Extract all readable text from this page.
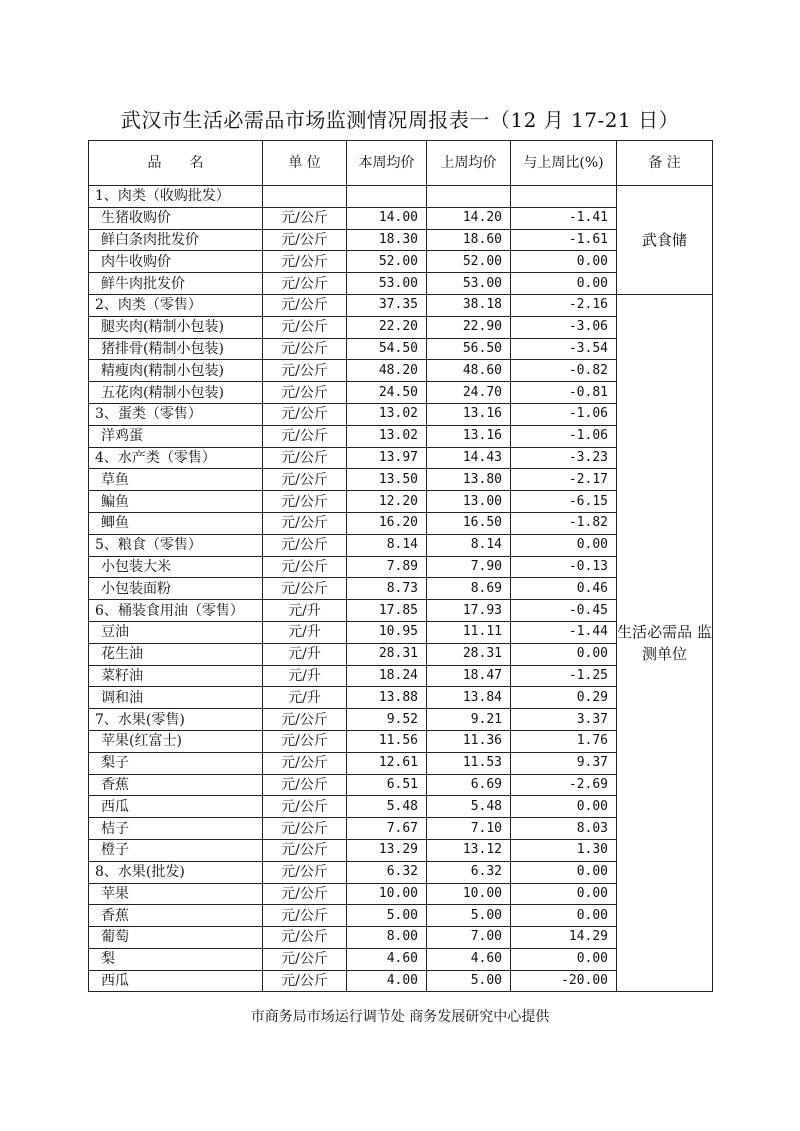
武汉市生活必需品市场监测情况周报表一（12 月 17-21 日）
品　　名	单 位	本周均价	上周均价	与上周比(%)	备 注
1、肉类（收购批发）					武食储
生猪收购价	元/公斤	14.00	14.20	-1.41	
鲜白条肉批发价	元/公斤	18.30	18.60	-1.61	
肉牛收购价	元/公斤	52.00	52.00	0.00	
鲜牛肉批发价	元/公斤	53.00	53.00	0.00	
2、肉类（零售）	元/公斤	37.35	38.18	-2.16	生活必需品 监测单位
腿夹肉(精制小包装)	元/公斤	22.20	22.90	-3.06	
猪排骨(精制小包装)	元/公斤	54.50	56.50	-3.54	
精瘦肉(精制小包装)	元/公斤	48.20	48.60	-0.82	
五花肉(精制小包装)	元/公斤	24.50	24.70	-0.81	
3、蛋类（零售）	元/公斤	13.02	13.16	-1.06	
洋鸡蛋	元/公斤	13.02	13.16	-1.06	
4、水产类（零售）	元/公斤	13.97	14.43	-3.23	
草鱼	元/公斤	13.50	13.80	-2.17	
鳊鱼	元/公斤	12.20	13.00	-6.15	
鲫鱼	元/公斤	16.20	16.50	-1.82	
5、粮食（零售）	元/公斤	8.14	8.14	0.00	
小包装大米	元/公斤	7.89	7.90	-0.13	
小包装面粉	元/公斤	8.73	8.69	0.46	
6、桶装食用油（零售）	元/升	17.85	17.93	-0.45	
豆油	元/升	10.95	11.11	-1.44	
花生油	元/升	28.31	28.31	0.00	
菜籽油	元/升	18.24	18.47	-1.25	
调和油	元/升	13.88	13.84	0.29	
7、水果(零售)	元/公斤	9.52	9.21	3.37	
苹果(红富士)	元/公斤	11.56	11.36	1.76	
梨子	元/公斤	12.61	11.53	9.37	
香蕉	元/公斤	6.51	6.69	-2.69	
西瓜	元/公斤	5.48	5.48	0.00	
桔子	元/公斤	7.67	7.10	8.03	
橙子	元/公斤	13.29	13.12	1.30	
8、水果(批发)	元/公斤	6.32	6.32	0.00	
苹果	元/公斤	10.00	10.00	0.00	
香蕉	元/公斤	5.00	5.00	0.00	
葡萄	元/公斤	8.00	7.00	14.29	
梨	元/公斤	4.60	4.60	0.00	
西瓜	元/公斤	4.00	5.00	-20.00	
市商务局市场运行调节处 商务发展研究中心提供
